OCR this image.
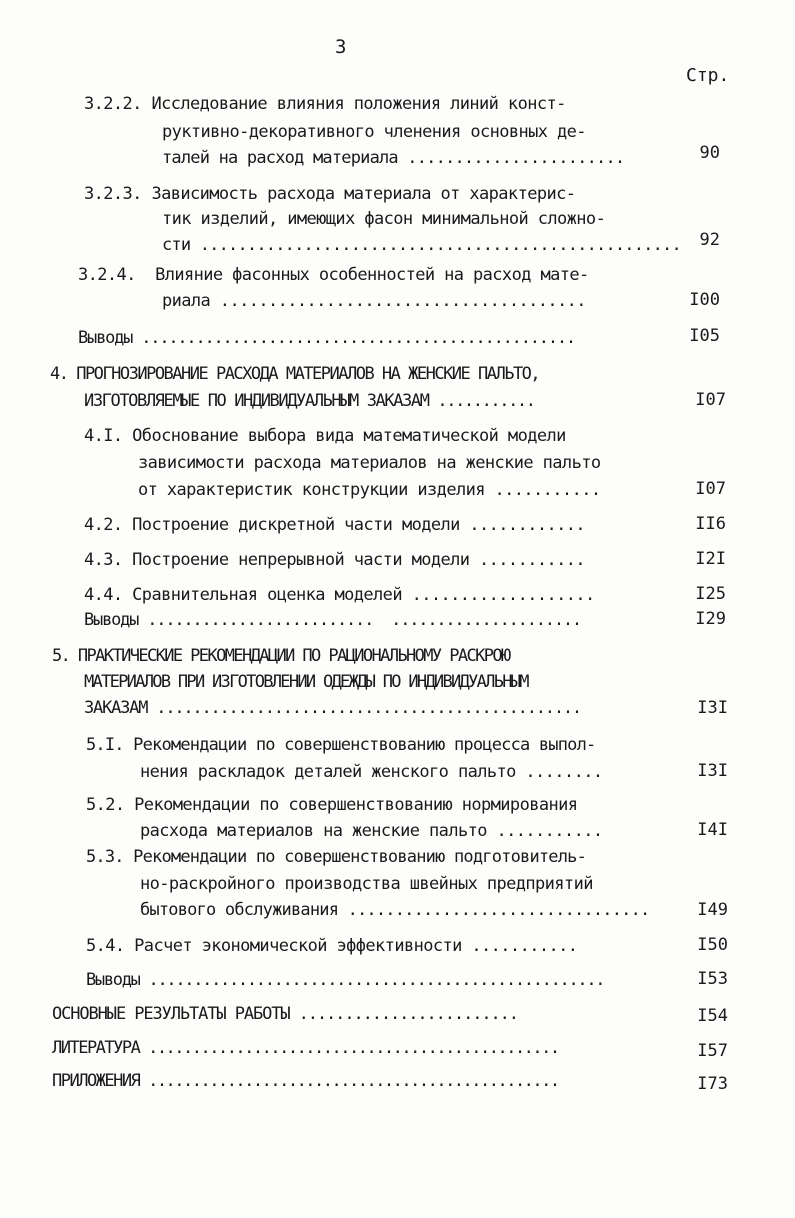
3
Стр.
3.2.2. Исследование влияния положения линий конст-
руктивно-декоративного членения основных де-
талей на расход материала .......................	90
3.2.3. Зависимость расхода материала от характерис-
тик изделий, имеющих фасон минимальной сложно-
сти ...................................................	92
3.2.4.  Влияние фасонных особенностей на расход мате-
риала ......................................	I00
Выводы ................................................	I05
4. ПРОГНОЗИРОВАНИЕ РАСХОДА МАТЕРИАЛОВ НА ЖЕНСКИЕ ПАЛЬТО,
ИЗГОТОВЛЯЕМЫЕ ПО ИНДИВИДУАЛЬНЫМ ЗАКАЗАМ ...........	I07
4.I. Обоснование выбора вида математической модели
зависимости расхода материалов на женские пальто
от характеристик конструкции изделия ...........	I07
4.2. Построение дискретной части модели ............	II6
4.3. Построение непрерывной части модели ...........	I2I
4.4. Сравнительная оценка моделей ...................	I25
Выводы .........................  .....................	I29
5. ПРАКТИЧЕСКИЕ РЕКОМЕНДАЦИИ ПО РАЦИОНАЛЬНОМУ РАСКРОЮ
МАТЕРИАЛОВ ПРИ ИЗГОТОВЛЕНИИ ОДЕЖДЫ ПО ИНДИВИДУАЛЬНЫМ
ЗАКАЗАМ ...............................................	I3I
5.I. Рекомендации по совершенствованию процесса выпол-
нения раскладок деталей женского пальто ........	I3I
5.2. Рекомендации по совершенствованию нормирования
расхода материалов на женские пальто ...........	I4I
5.3. Рекомендации по совершенствованию подготовитель-
но-раскройного производства швейных предприятий
бытового обслуживания ................................	I49
5.4. Расчет экономической эффективности ...........	I50
Выводы ...................................................	I53
ОСНОВНЫЕ РЕЗУЛЬТАТЫ РАБОТЫ ........................	I54
ЛИТЕРАТУРА ...............................................	I57
ПРИЛОЖЕНИЯ ...............................................	I73
